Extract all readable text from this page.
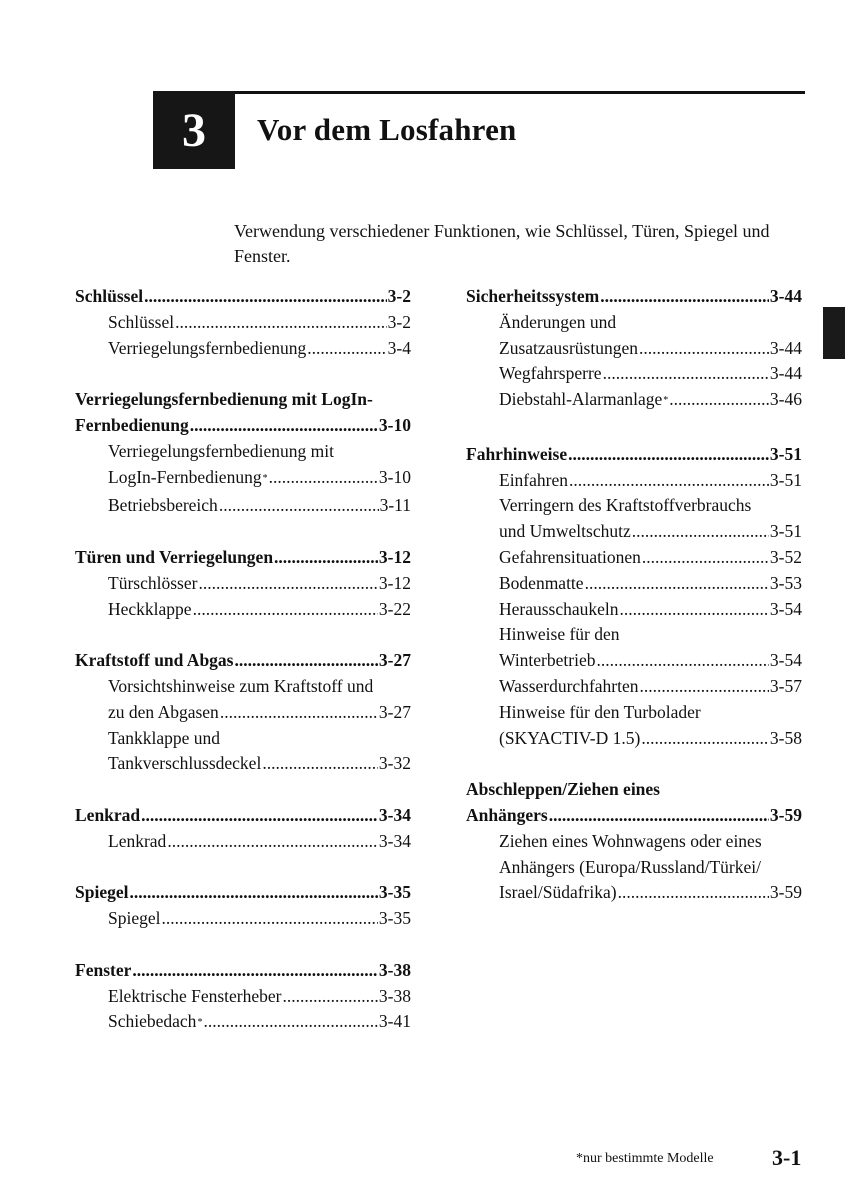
3 Vor dem Losfahren
Verwendung verschiedener Funktionen, wie Schlüssel, Türen, Spiegel und Fenster.
Schlüssel .....	3-2
Schlüssel .....	3-2
Verriegelungsfernbedienung .....	3-4
Verriegelungsfernbedienung mit LogIn-
Fernbedienung .....	3-10
Verriegelungsfernbedienung mit
LogIn-Fernbedienung* .....	3-10
Betriebsbereich .....	3-11
Türen und Verriegelungen .....	3-12
Türschlösser .....	3-12
Heckklappe .....	3-22
Kraftstoff und Abgas .....	3-27
Vorsichtshinweise zum Kraftstoff und
zu den Abgasen .....	3-27
Tankklappe und
Tankverschlussdeckel .....	3-32
Lenkrad .....	3-34
Lenkrad .....	3-34
Spiegel .....	3-35
Spiegel .....	3-35
Fenster .....	3-38
Elektrische Fensterheber .....	3-38
Schiebedach* .....	3-41
Sicherheitssystem .....	3-44
Änderungen und
Zusatzausrüstungen .....	3-44
Wegfahrsperre .....	3-44
Diebstahl-Alarmanlage* .....	3-46
Fahrhinweise .....	3-51
Einfahren .....	3-51
Verringern des Kraftstoffverbrauchs
und Umweltschutz .....	3-51
Gefahrensituationen .....	3-52
Bodenmatte .....	3-53
Herausschaukeln .....	3-54
Hinweise für den
Winterbetrieb .....	3-54
Wasserdurchfahrten .....	3-57
Hinweise für den Turbolader
(SKYACTIV-D 1.5) .....	3-58
Abschleppen/Ziehen eines
Anhängers .....	3-59
Ziehen eines Wohnwagens oder eines
Anhängers (Europa/Russland/Türkei/
Israel/Südafrika) .....	3-59
*nur bestimmte Modelle	3-1
